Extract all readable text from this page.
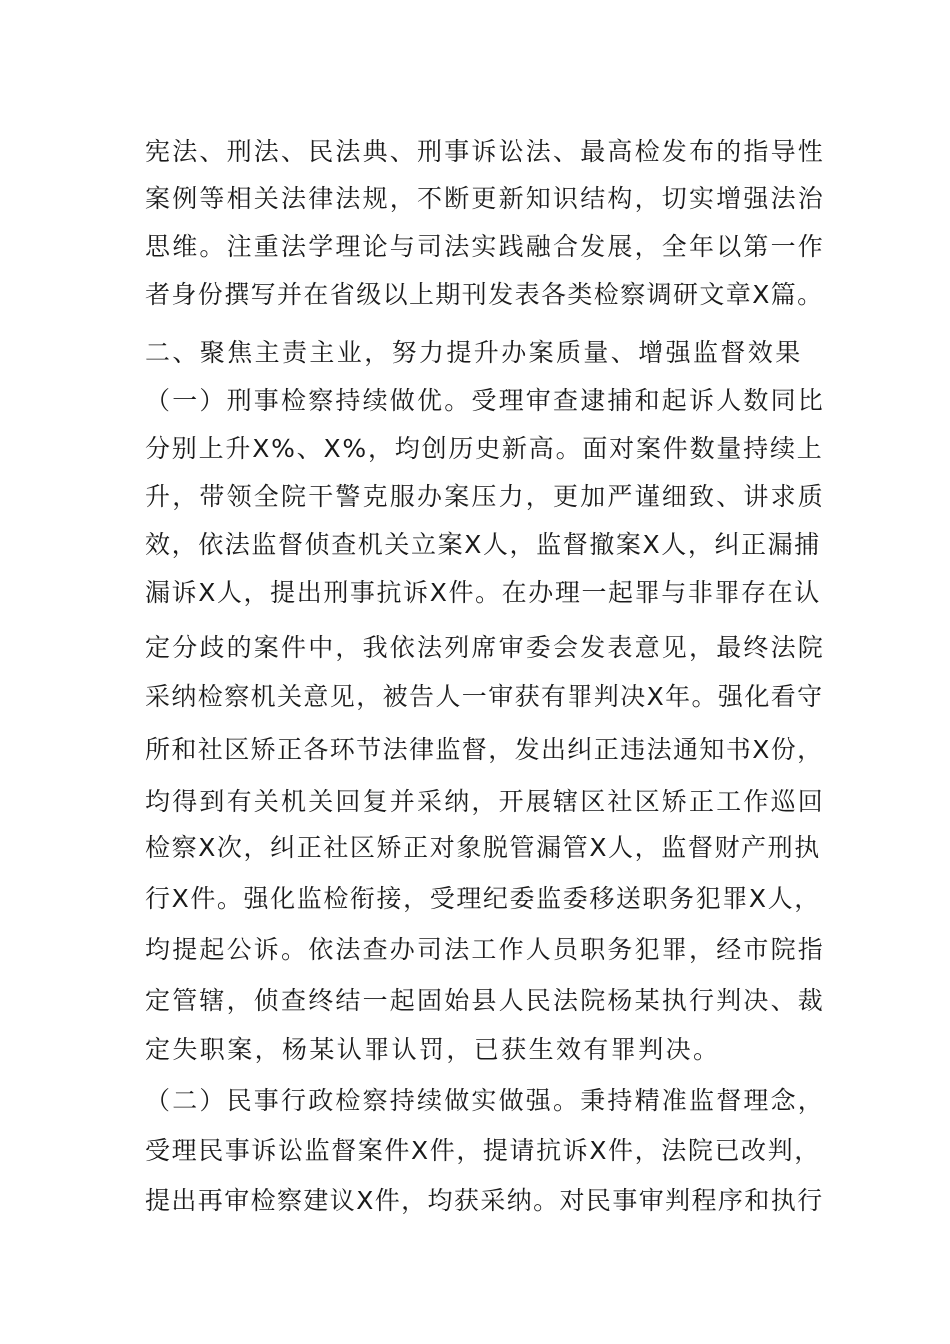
宪法、刑法、民法典、刑事诉讼法、最高检发布的指导性
案例等相关法律法规，不断更新知识结构，切实增强法治
思维。注重法学理论与司法实践融合发展，全年以第一作
者身份撰写并在省级以上期刊发表各类检察调研文章X篇。
二、聚焦主责主业，努力提升办案质量、增强监督效果
（一）刑事检察持续做优。受理审查逮捕和起诉人数同比
分别上升X%、X%，均创历史新高。面对案件数量持续上
升，带领全院干警克服办案压力，更加严谨细致、讲求质
效，依法监督侦查机关立案X人，监督撤案X人，纠正漏捕
漏诉X人，提出刑事抗诉X件。在办理一起罪与非罪存在认
定分歧的案件中，我依法列席审委会发表意见，最终法院
采纳检察机关意见，被告人一审获有罪判决X年。强化看守
所和社区矫正各环节法律监督，发出纠正违法通知书X份，
均得到有关机关回复并采纳，开展辖区社区矫正工作巡回
检察X次，纠正社区矫正对象脱管漏管X人，监督财产刑执
行X件。强化监检衔接，受理纪委监委移送职务犯罪X人，
均提起公诉。依法查办司法工作人员职务犯罪，经市院指
定管辖，侦查终结一起固始县人民法院杨某执行判决、裁
定失职案，杨某认罪认罚，已获生效有罪判决。
（二）民事行政检察持续做实做强。秉持精准监督理念，
受理民事诉讼监督案件X件，提请抗诉X件，法院已改判，
提出再审检察建议X件，均获采纳。对民事审判程序和执行
